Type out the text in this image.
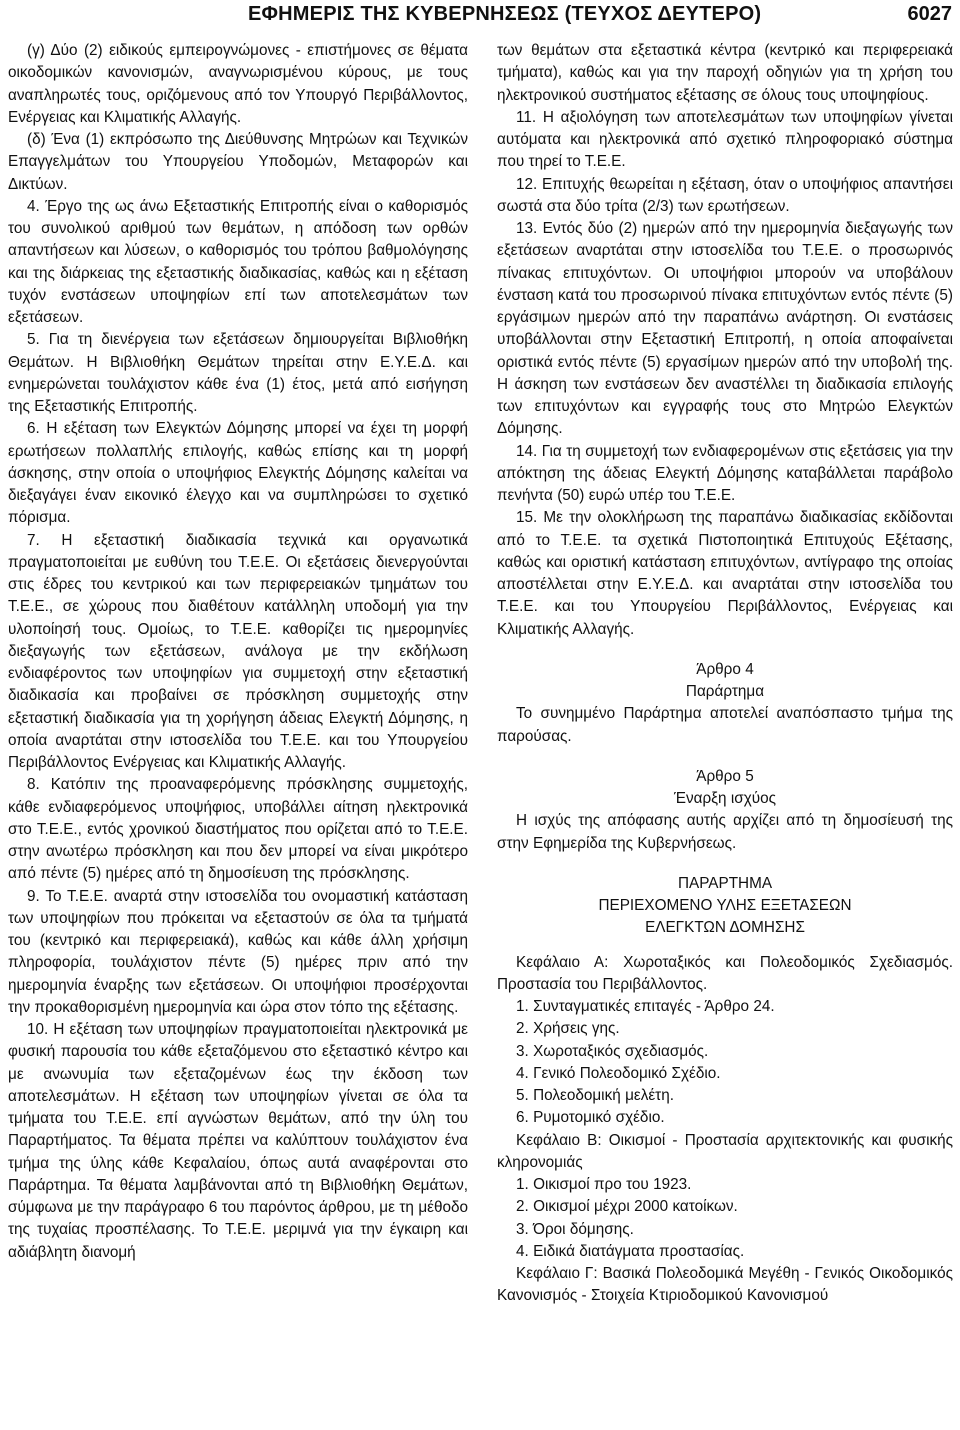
ΕΦΗΜΕΡΙΣ ΤΗΣ ΚΥΒΕΡΝΗΣΕΩΣ (ΤΕΥΧΟΣ ΔΕΥΤΕΡΟ)	6027

(γ) Δύο (2) ειδικούς εμπειρογνώμονες - επιστήμονες σε θέματα οικοδομικών κανονισμών, αναγνωρισμένου κύρους, με τους αναπληρωτές τους, οριζόμενους από τον Υπουργό Περιβάλλοντος, Ενέργειας και Κλιματικής Αλλαγής.

(δ) Ένα (1) εκπρόσωπο της Διεύθυνσης Μητρώων και Τεχνικών Επαγγελμάτων του Υπουργείου Υποδομών, Μεταφορών και Δικτύων.

4. Έργο της ως άνω Εξεταστικής Επιτροπής είναι ο καθορισμός του συνολικού αριθμού των θεμάτων, η απόδοση των ορθών απαντήσεων και λύσεων, ο καθορισμός του τρόπου βαθμολόγησης και της διάρκειας της εξεταστικής διαδικασίας, καθώς και η εξέταση τυχόν ενστάσεων υποψηφίων επί των αποτελεσμάτων των εξετάσεων.

5. Για τη διενέργεια των εξετάσεων δημιουργείται Βιβλιοθήκη Θεμάτων. Η Βιβλιοθήκη Θεμάτων τηρείται στην Ε.Υ.Ε.Δ. και ενημερώνεται τουλάχιστον κάθε ένα (1) έτος, μετά από εισήγηση της Εξεταστικής Επιτροπής.

6. Η εξέταση των Ελεγκτών Δόμησης μπορεί να έχει τη μορφή ερωτήσεων πολλαπλής επιλογής, καθώς επίσης και τη μορφή άσκησης, στην οποία ο υποψήφιος Ελεγκτής Δόμησης καλείται να διεξαγάγει έναν εικονικό έλεγχο και να συμπληρώσει το σχετικό πόρισμα.

7. Η εξεταστική διαδικασία τεχνικά και οργανωτικά πραγματοποιείται με ευθύνη του Τ.Ε.Ε. Οι εξετάσεις διενεργούνται στις έδρες του κεντρικού και των περιφερειακών τμημάτων του Τ.Ε.Ε., σε χώρους που διαθέτουν κατάλληλη υποδομή για την υλοποίησή τους. Ομοίως, το Τ.Ε.Ε. καθορίζει τις ημερομηνίες διεξαγωγής των εξετάσεων, ανάλογα με την εκδήλωση ενδιαφέροντος των υποψηφίων για συμμετοχή στην εξεταστική διαδικασία και προβαίνει σε πρόσκληση συμμετοχής στην εξεταστική διαδικασία για τη χορήγηση άδειας Ελεγκτή Δόμησης, η οποία αναρτάται στην ιστοσελίδα του Τ.Ε.Ε. και του Υπουργείου Περιβάλλοντος Ενέργειας και Κλιματικής Αλλαγής.

8. Κατόπιν της προαναφερόμενης πρόσκλησης συμμετοχής, κάθε ενδιαφερόμενος υποψήφιος, υποβάλλει αίτηση ηλεκτρονικά στο Τ.Ε.Ε., εντός χρονικού διαστήματος που ορίζεται από το Τ.Ε.Ε. στην ανωτέρω πρόσκληση και που δεν μπορεί να είναι μικρότερο από πέντε (5) ημέρες από τη δημοσίευση της πρόσκλησης.

9. Το Τ.Ε.Ε. αναρτά στην ιστοσελίδα του ονομαστική κατάσταση των υποψηφίων που πρόκειται να εξεταστούν σε όλα τα τμήματά του (κεντρικό και περιφερειακά), καθώς και κάθε άλλη χρήσιμη πληροφορία, τουλάχιστον πέντε (5) ημέρες πριν από την ημερομηνία έναρξης των εξετάσεων. Οι υποψήφιοι προσέρχονται την προκαθορισμένη ημερομηνία και ώρα στον τόπο της εξέτασης.

10. Η εξέταση των υποψηφίων πραγματοποιείται ηλεκτρονικά με φυσική παρουσία του κάθε εξεταζόμενου στο εξεταστικό κέντρο και με ανωνυμία των εξεταζομένων έως την έκδοση των αποτελεσμάτων. Η εξέταση των υποψηφίων γίνεται σε όλα τα τμήματα του Τ.Ε.Ε. επί αγνώστων θεμάτων, από την ύλη του Παραρτήματος. Τα θέματα πρέπει να καλύπτουν τουλάχιστον ένα τμήμα της ύλης κάθε Κεφαλαίου, όπως αυτά αναφέρονται στο Παράρτημα. Τα θέματα λαμβάνονται από τη Βιβλιοθήκη Θεμάτων, σύμφωνα με την παράγραφο 6 του παρόντος άρθρου, με τη μέθοδο της τυχαίας προσπέλασης. Το Τ.Ε.Ε. μεριμνά για την έγκαιρη και αδιάβλητη διανομή

των θεμάτων στα εξεταστικά κέντρα (κεντρικό και περιφερειακά τμήματα), καθώς και για την παροχή οδηγιών για τη χρήση του ηλεκτρονικού συστήματος εξέτασης σε όλους τους υποψηφίους.

11. Η αξιολόγηση των αποτελεσμάτων των υποψηφίων γίνεται αυτόματα και ηλεκτρονικά από σχετικό πληροφοριακό σύστημα που τηρεί το Τ.Ε.Ε.

12. Επιτυχής θεωρείται η εξέταση, όταν ο υποψήφιος απαντήσει σωστά στα δύο τρίτα (2/3) των ερωτήσεων.

13. Εντός δύο (2) ημερών από την ημερομηνία διεξαγωγής των εξετάσεων αναρτάται στην ιστοσελίδα του Τ.Ε.Ε. ο προσωρινός πίνακας επιτυχόντων. Οι υποψήφιοι μπορούν να υποβάλουν ένσταση κατά του προσωρινού πίνακα επιτυχόντων εντός πέντε (5) εργάσιμων ημερών από την παραπάνω ανάρτηση. Οι ενστάσεις υποβάλλονται στην Εξεταστική Επιτροπή, η οποία αποφαίνεται οριστικά εντός πέντε (5) εργασίμων ημερών από την υποβολή της. Η άσκηση των ενστάσεων δεν αναστέλλει τη διαδικασία επιλογής των επιτυχόντων και εγγραφής τους στο Μητρώο Ελεγκτών Δόμησης.

14. Για τη συμμετοχή των ενδιαφερομένων στις εξετάσεις για την απόκτηση της άδειας Ελεγκτή Δόμησης καταβάλλεται παράβολο πενήντα (50) ευρώ υπέρ του Τ.Ε.Ε.

15. Με την ολοκλήρωση της παραπάνω διαδικασίας εκδίδονται από το Τ.Ε.Ε. τα σχετικά Πιστοποιητικά Επιτυχούς Εξέτασης, καθώς και οριστική κατάσταση επιτυχόντων, αντίγραφο της οποίας αποστέλλεται στην Ε.Υ.Ε.Δ. και αναρτάται στην ιστοσελίδα του Τ.Ε.Ε. και του Υπουργείου Περιβάλλοντος, Ενέργειας και Κλιματικής Αλλαγής.

Άρθρο 4

Παράρτημα

Το συνημμένο Παράρτημα αποτελεί αναπόσπαστο τμήμα της παρούσας.

Άρθρο 5

Έναρξη ισχύος

Η ισχύς της απόφασης αυτής αρχίζει από τη δημοσίευσή της στην Εφημερίδα της Κυβερνήσεως.

ΠΑΡΑΡΤΗΜΑ

ΠΕΡΙΕΧΟΜΕΝΟ ΥΛΗΣ ΕΞΕΤΑΣΕΩΝ

ΕΛΕΓΚΤΩΝ ΔΟΜΗΣΗΣ

Κεφάλαιο Α: Χωροταξικός και Πολεοδομικός Σχεδιασμός. Προστασία του Περιβάλλοντος.

1. Συνταγματικές επιταγές - Άρθρο 24.

2. Χρήσεις γης.

3. Χωροταξικός σχεδιασμός.

4. Γενικό Πολεοδομικό Σχέδιο.

5. Πολεοδομική μελέτη.

6. Ρυμοτομικό σχέδιο.

Κεφάλαιο Β: Οικισμοί - Προστασία αρχιτεκτονικής και φυσικής κληρονομιάς

1. Οικισμοί προ του 1923.

2. Οικισμοί μέχρι 2000 κατοίκων.

3. Όροι δόμησης.

4. Ειδικά διατάγματα προστασίας.

Κεφάλαιο Γ: Βασικά Πολεοδομικά Μεγέθη - Γενικός Οικοδομικός Κανονισμός - Στοιχεία Κτιριοδομικού Κανονισμού
